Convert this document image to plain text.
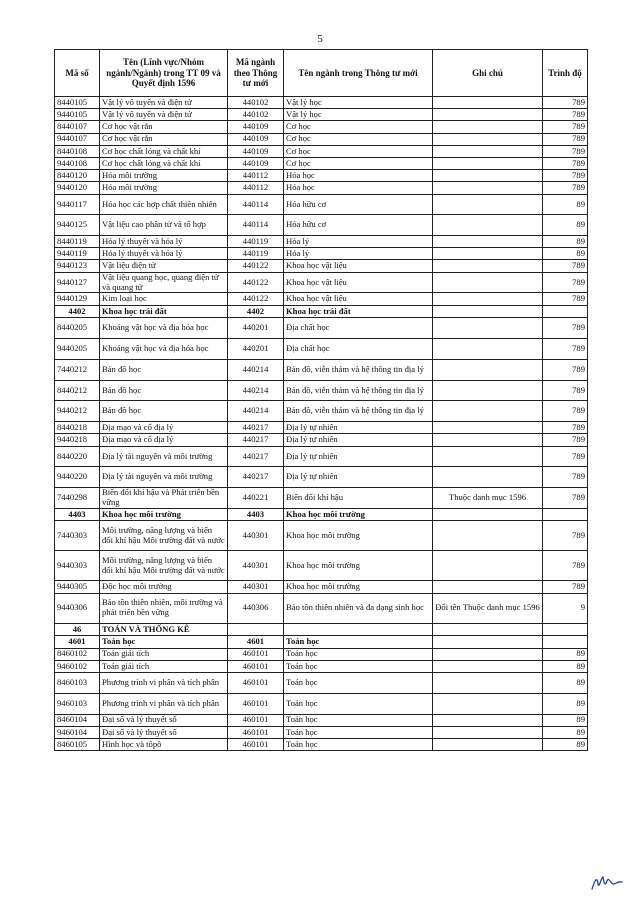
5
Mã số	Tên (Lĩnh vực/Nhóm ngành/Ngành) trong TT 09 và Quyết định 1596	Mã ngành theo Thông tư mới	Tên ngành trong Thông tư mới	Ghi chú	Trình độ
8440105	Vật lý vô tuyến và điện tử	440102	Vật lý học		789
9440105	Vật lý vô tuyến và điện tử	440102	Vật lý học		789
8440107	Cơ học vật rắn	440109	Cơ học		789
9440107	Cơ học vật rắn	440109	Cơ học		789
8440108	Cơ học chất lỏng và chất khí	440109	Cơ học		789
9440108	Cơ học chất lỏng và chất khí	440109	Cơ học		789
8440120	Hóa môi trường	440112	Hóa học		789
9440120	Hóa môi trường	440112	Hóa học		789
9440117	Hóa học các hợp chất thiên nhiên	440114	Hóa hữu cơ		89
9440125	Vật liệu cao phân tử và tổ hợp	440114	Hóa hữu cơ		89
8440119	Hóa lý thuyết và hóa lý	440119	Hóa lý		89
9440119	Hóa lý thuyết và hóa lý	440119	Hóa lý		89
9440123	Vật liệu điện tử	440122	Khoa học vật liệu		789
9440127	Vật liệu quang học, quang điện tử và quang tử	440122	Khoa học vật liệu		789
9440129	Kim loại học	440122	Khoa học vật liệu		789
4402	Khoa học trái đất	4402	Khoa học trái đất		
8440205	Khoáng vật học và địa hóa học	440201	Địa chất học		789
9440205	Khoáng vật học và địa hóa học	440201	Địa chất học		789
7440212	Bản đồ học	440214	Bản đồ, viễn thám và hệ thông tin địa lý		789
8440212	Bản đồ học	440214	Bản đồ, viễn thám và hệ thông tin địa lý		789
9440212	Bản đồ học	440214	Bản đồ, viễn thám và hệ thông tin địa lý		789
8440218	Địa mạo và cổ địa lý	440217	Địa lý tự nhiên		789
9440218	Địa mạo và cổ địa lý	440217	Địa lý tự nhiên		789
8440220	Địa lý tài nguyên và môi trường	440217	Địa lý tự nhiên		789
9440220	Địa lý tài nguyên và môi trường	440217	Địa lý tự nhiên		789
7440298	Biến đổi khí hậu và Phát triển bền vững	440221	Biến đổi khí hậu	Thuộc danh mục 1596	789
4403	Khoa học môi trường	4403	Khoa học môi trường		
7440303	Môi trường, năng lượng và biến đổi khí hậu Môi trường đất và nước	440301	Khoa học môi trường		789
9440303	Môi trường, năng lượng và biến đổi khí hậu Môi trường đất và nước	440301	Khoa học môi trường		789
9440305	Độc học môi trường	440301	Khoa học môi trường		789
9440306	Bảo tồn thiên nhiên, môi trường và phát triển bền vững	440306	Bảo tồn thiên nhiên và đa dạng sinh học	Đổi tên Thuộc danh mục 1596	9
46	TOÁN VÀ THỐNG KÊ				
4601	Toán học	4601	Toán học		
8460102	Toán giải tích	460101	Toán học		89
9460102	Toán giải tích	460101	Toán học		89
8460103	Phương trình vi phân và tích phân	460101	Toán học		89
9460103	Phương trình vi phân và tích phân	460101	Toán học		89
8460104	Đại số và lý thuyết số	460101	Toán học		89
9460104	Đại số và lý thuyết số	460101	Toán học		89
8460105	Hình học và tôpô	460101	Toán học		89
